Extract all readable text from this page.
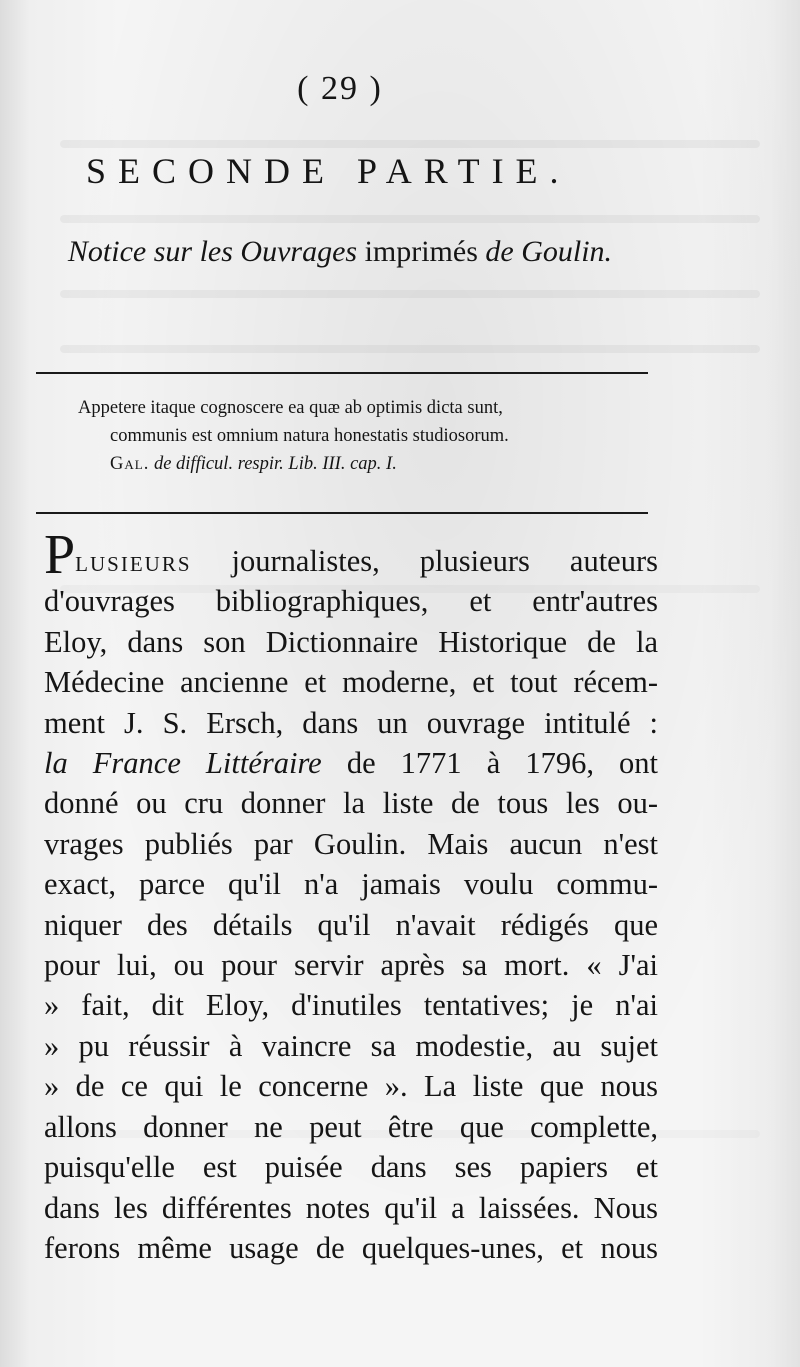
( 29 )
SECONDE PARTIE.
Notice sur les Ouvrages imprimés de Goulin.
Appetere itaque cognoscere ea quæ ab optimis dicta sunt,
communis est omnium natura honestatis studiosorum.
Gal. de difficul. respir. Lib. III. cap. I.
Plusieurs journalistes, plusieurs auteurs
d'ouvrages bibliographiques, et entr'autres
Eloy, dans son Dictionnaire Historique de la
Médecine ancienne et moderne, et tout récem-
ment J. S. Ersch, dans un ouvrage intitulé :
la France Littéraire de 1771 à 1796, ont
donné ou cru donner la liste de tous les ou-
vrages publiés par Goulin. Mais aucun n'est
exact, parce qu'il n'a jamais voulu commu-
niquer des détails qu'il n'avait rédigés que
pour lui, ou pour servir après sa mort. « J'ai
» fait, dit Eloy, d'inutiles tentatives; je n'ai
» pu réussir à vaincre sa modestie, au sujet
» de ce qui le concerne ». La liste que nous
allons donner ne peut être que complette,
puisqu'elle est puisée dans ses papiers et
dans les différentes notes qu'il a laissées. Nous
ferons même usage de quelques-unes, et nous
